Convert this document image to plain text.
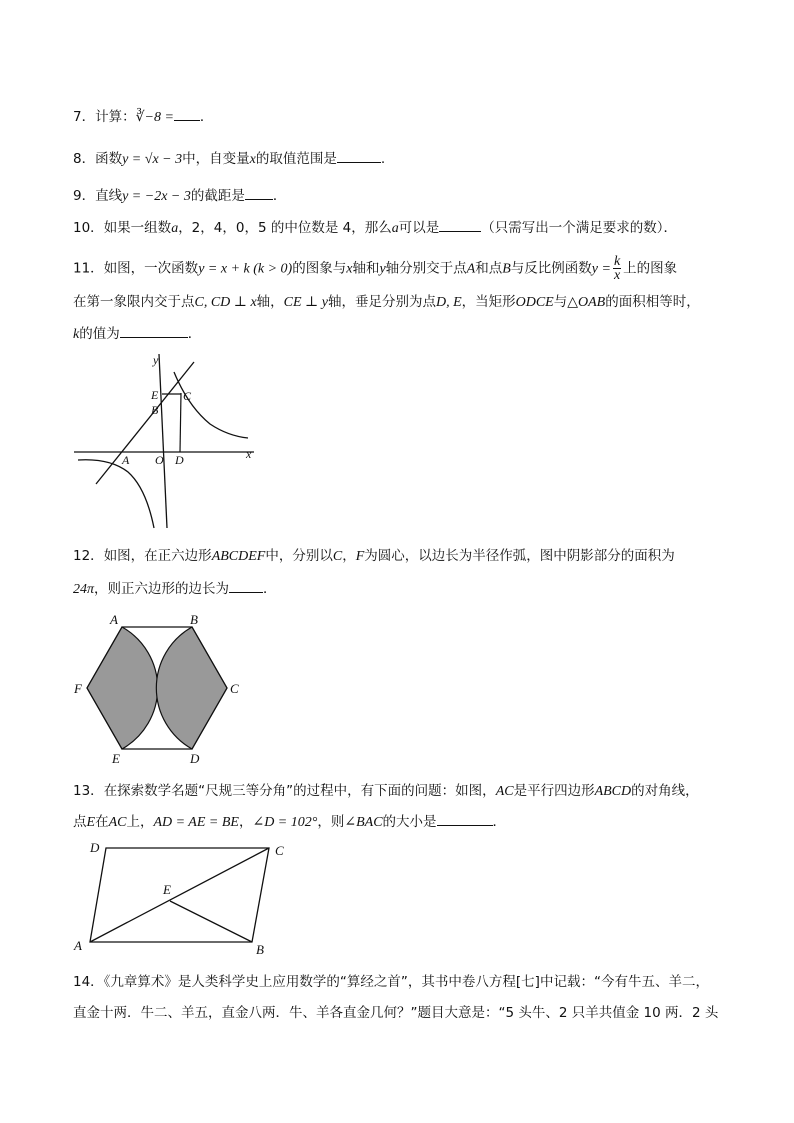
7．计算：∛−8 = ．
8．函数y = √x − 3中，自变量x的取值范围是	.
9．直线y = −2x − 3的截距是 ．
10．如果一组数a，2，4，0，5 的中位数是 4，那么a可以是	（只需写出一个满足要求的数）．
11．如图，一次函数y = x + k (k > 0)的图象与x轴和y轴分别交于点A和点B与反比例函数$y = \frac{k}{x}$ 上的图象
在第一象限内交于点C, CD ⊥ x轴，CE ⊥ y轴，垂足分别为点D, E，当矩形ODCE与△OAB的面积相等时，
k的值为	．
y
x
E C
B
A O D
12．如图，在正六边形ABCDEF中，分别以C，F为圆心，以边长为半径作弧，图中阴影部分的面积为
24π，则正六边形的边长为	．
A	B
C
D
E
F
13．在探索数学名题“尺规三等分角”的过程中，有下面的问题：如图，AC是平行四边形ABCD的对角线，
点E在AC上，AD = AE = BE，∠D = 102°，则∠BAC的大小是	．
D	C
E
A	B
14．《九章算术》是人类科学史上应用数学的“算经之首”，其书中卷八方程[七]中记载：“今有牛五、羊二，
直金十两．牛二、羊五，直金八两．牛、羊各直金几何？”题目大意是：“5 头牛、2 只羊共值金 10 两．2 头
